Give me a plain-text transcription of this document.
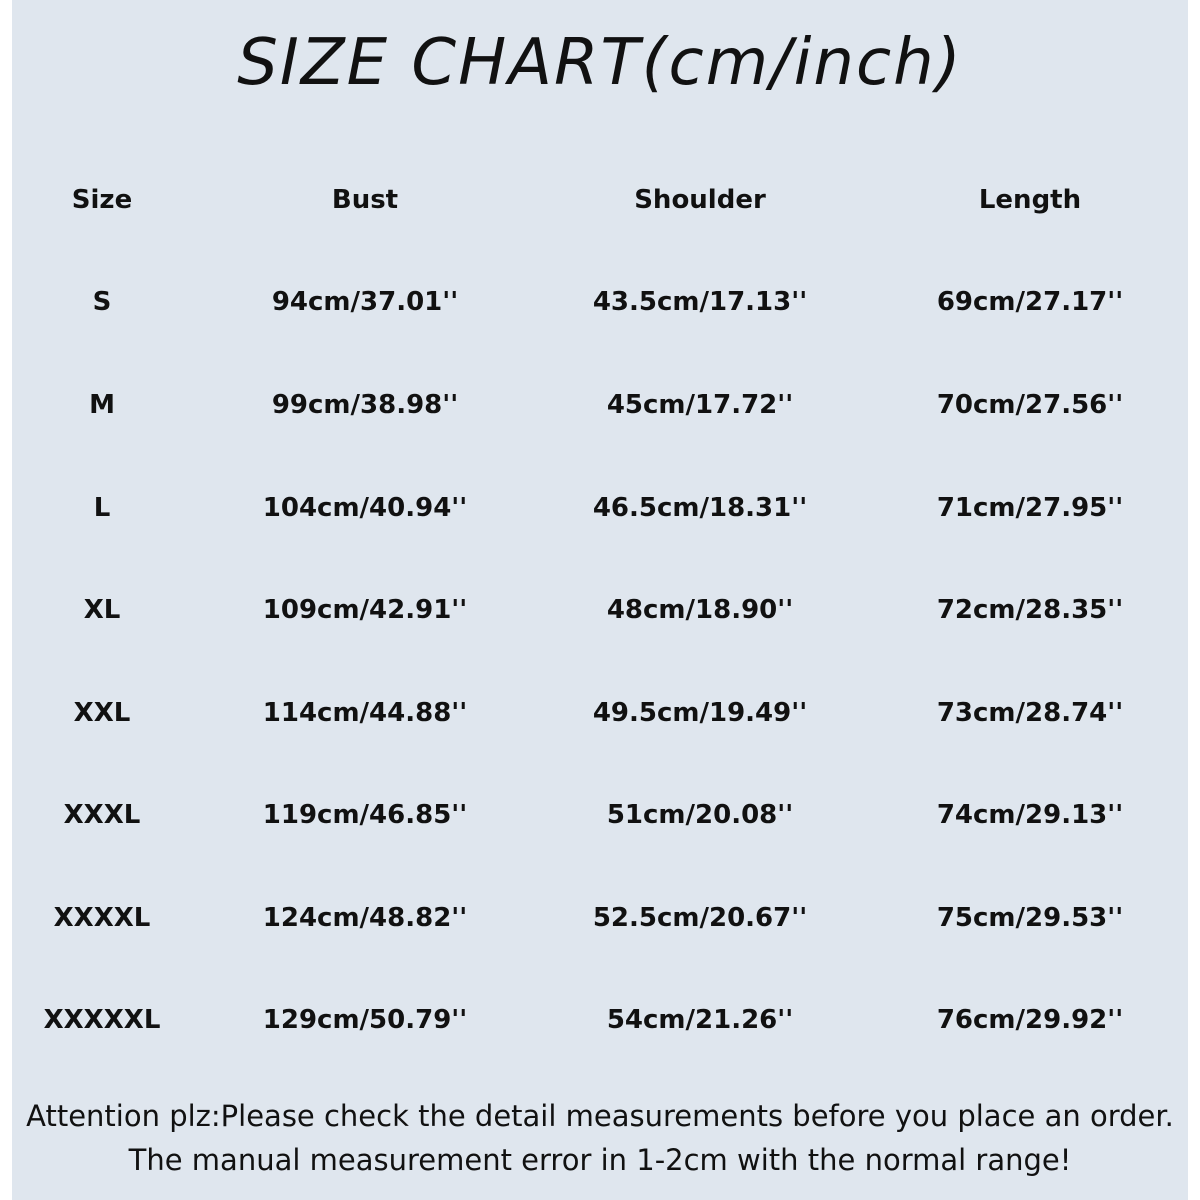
SIZE CHART(cm/inch)
Size	Bust	Shoulder	Length
S	94cm/37.01''	43.5cm/17.13''	69cm/27.17''
M	99cm/38.98''	45cm/17.72''	70cm/27.56''
L	104cm/40.94''	46.5cm/18.31''	71cm/27.95''
XL	109cm/42.91''	48cm/18.90''	72cm/28.35''
XXL	114cm/44.88''	49.5cm/19.49''	73cm/28.74''
XXXL	119cm/46.85''	51cm/20.08''	74cm/29.13''
XXXXL	124cm/48.82''	52.5cm/20.67''	75cm/29.53''
XXXXXL	129cm/50.79''	54cm/21.26''	76cm/29.92''
Attention plz:Please check the detail measurements before you place an order.
The manual measurement error in 1-2cm with the normal range!
